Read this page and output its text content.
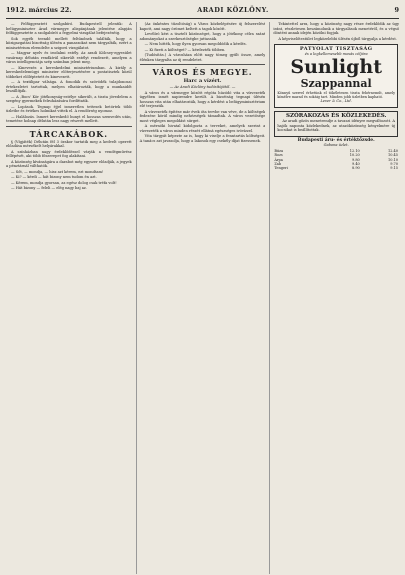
1912. március 22.	ARADI KÖZLÖNY.	9

— Felfüggesztett szolgabíró. Budapestről jelentik: A belügyminiszter Árad vármegye alispánjának jelentése alapján felfüggesztette a szolgabírót a fegyelmi vizsgálat befejezéséig.

Sok egyéb teendő mellett feltűnőnek találták, hogy a közigazgatási bizottság ülésén a panaszokat nem tárgyalták, ezért a minisztérium elrendelte a szigorú vizsgálatot.

— Magyar nyelv és irodalmi estély. Az aradi Kölcsey-egyesület vasárnap délután rendkívül sikerült estélyt rendezett, amelyen a város intelligenciája szép számban jelent meg.

— Kinevezés a kereskedelmi minisztériumban. A király a kereskedelemügyi miniszter előterjesztésére a postatisztek közül többeket előléptetett és kinevezett.

— A textilipar válsága. A fonodák és szövödék tulajdonosai értekezletet tartottak, melyen elhatározták, hogy a munkaidőt leszállítják.

— A ,Bocs' Kör jótékonyság-estélye sikerült, a tiszta jövedelem a szegény gyermekek felruházására fordíttatik.

— Lopások. Tegnap éjjel ismeretlen tettesek betörtek több üzletbe és értékes holmikat vittek el. A rendőrség nyomoz.

— Halálozás. Ismert kereskedő hunyt el hosszas szenvedés után, temetése holnap délután lesz nagy részvét mellett.

TÁRCAKÁBOK.

§ (Vígjáték) Délután fél 3 órakor tartatik meg a kedvelt operett előadása mérsékelt helyárakkal.

A színházban nagy érdeklődéssel várják a vendégművész fellépését, aki több főszerepet fog alakítani.

A közönség kívánságára a darabot még egyszer előadják, a jegyek a pénztárnál válthatók.

— Sőt, — mondja, — hisz azt kérem, ezt mondtam!

— Ki? — kérdi — hát bizony nem tudom én azt.

— Kérem, mondja gyorsan, az egész dolog csak tréfa volt!

— Hát bizony — feleli — elég nagy baj az.

(Az önkéntes tűzoltóság) a Város közbelépésére új felszerelést kapott, ami nagy örömet keltett a tagok között.

Levélíró kéri a tisztelt közönséget, hogy a jótékony célra szánt adományokat a szerkesztőségbe juttassák.

— Nem hitték, hogy ilyen gyorsan megoldódik a kérdés.

— Ki fizeti a költséget? — kérdezték többen.

(Tudósítás.) A városháza előtt nagy tömeg gyűlt össze, amely élénken tárgyalta az új rendeletet.

VÁROS ÉS MEGYE.
Harc a vízért.
— Az Aradi Közlöny tudósítójától. —

A város és a vármegye között régóta húzódó vita a vízvezeték ügyében ismét napirendre került. A bizottság tegnapi ülésén hosszas vita után elhatározták, hogy a kérdést a belügyminisztérium elé terjesztik.

A vízvezeték építése már évek óta tervbe van véve, de a költségek fedezése körül mindig nehézségek támadtak. A város vezetősége most végleges megoldást sürget.

A mérnöki hivatal kidolgozta a terveket, amelyek szerint a vízvezeték a város minden részét ellátná egészséges ivóvízzel.

Vita tárgyát képezte az is, hogy ki viselje a fenntartás költségeit. A tanács azt javasolja, hogy a lakosok egy csekély díjat fizessenek.

Tekintettel arra, hogy a közönség nagy része érdeklődik az ügy iránt, részletesen beszámolunk a tárgyalások menetéről, és a végső döntést annak idején közölni fogjuk.

A képviselőtestület legközelebbi ülésén újból tárgyalja a kérdést.

PATYOLAT TISZTASÁG
és a legkellemesebb mosás céljára
Sunlight
Szappannal
Könnyű szerrel érhetünk el tökéletesen tiszta fehérneműt, amely kímélve marad és sokáig tart. Minden jobb üzletben kapható.
Lever & Co., Ltd.
SZÓRAKOZÁS ÉS KÖZLEKEDÉS.

Az aradi gőzös menetrendje a tavaszi idényre megváltozott. A hajók naponta közlekednek, az utazóközönség kényelmére új kocsikat is beállítottak.

Budapesti áru- és értéktőzsde.
Gabona üzlet.
Búza	12.10	12.40
Rozs	10.20	10.45
Árpa	9.80	10.10
Zab	9.40	9.70
Tengeri	8.90	9.15
